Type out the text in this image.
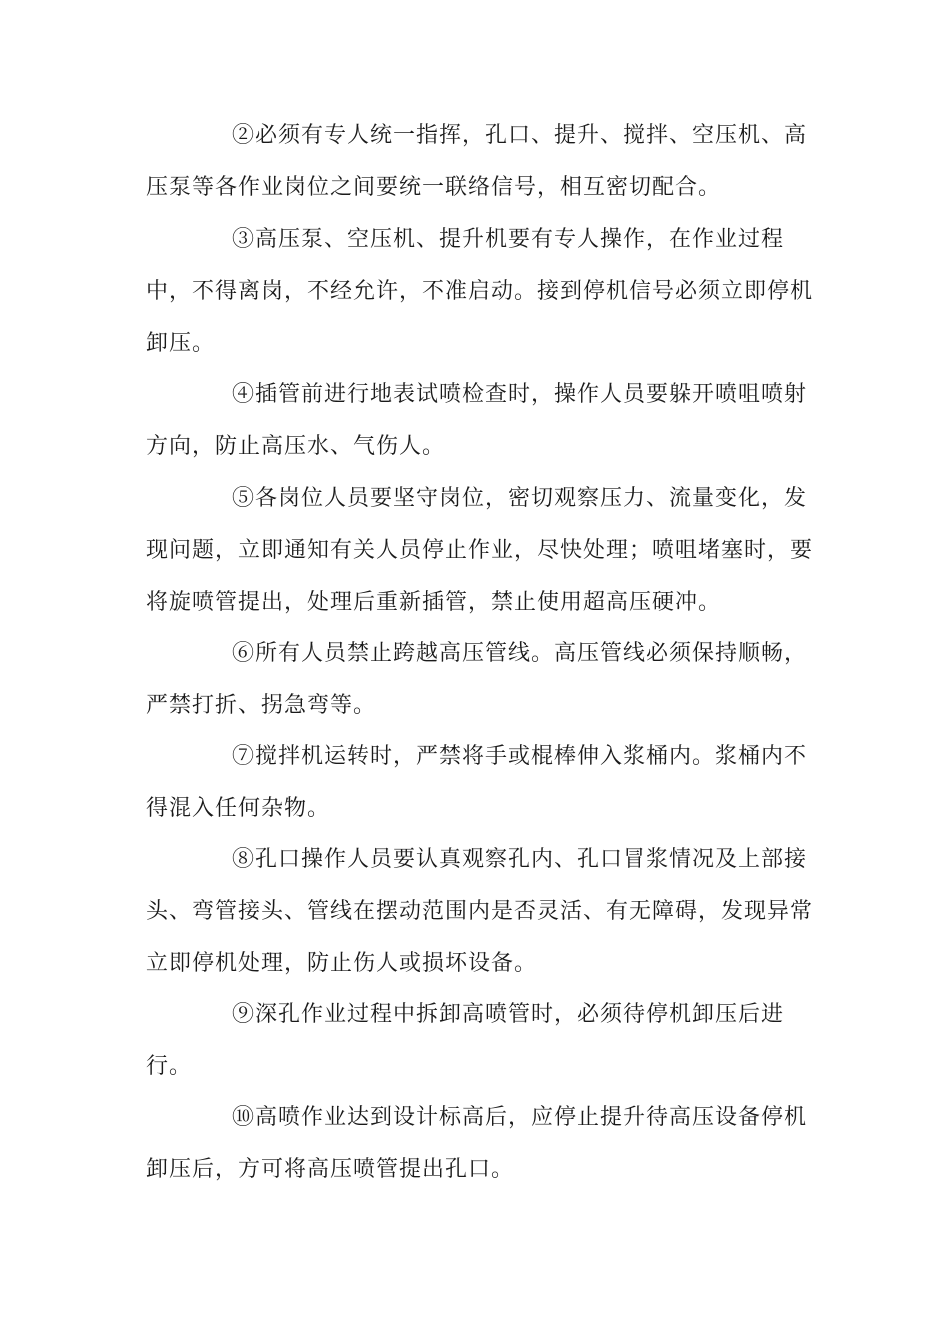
②必须有专人统一指挥，孔口、提升、搅拌、空压机、高
压泵等各作业岗位之间要统一联络信号，相互密切配合。

③高压泵、空压机、提升机要有专人操作，在作业过程
中，不得离岗，不经允许，不准启动。接到停机信号必须立即停机
卸压。

④插管前进行地表试喷检查时，操作人员要躲开喷咀喷射
方向，防止高压水、气伤人。

⑤各岗位人员要坚守岗位，密切观察压力、流量变化，发
现问题，立即通知有关人员停止作业，尽快处理；喷咀堵塞时，要
将旋喷管提出，处理后重新插管，禁止使用超高压硬冲。

⑥所有人员禁止跨越高压管线。高压管线必须保持顺畅，
严禁打折、拐急弯等。

⑦搅拌机运转时，严禁将手或棍棒伸入浆桶内。浆桶内不
得混入任何杂物。

⑧孔口操作人员要认真观察孔内、孔口冒浆情况及上部接
头、弯管接头、管线在摆动范围内是否灵活、有无障碍，发现异常
立即停机处理，防止伤人或损坏设备。

⑨深孔作业过程中拆卸高喷管时，必须待停机卸压后进
行。

⑩高喷作业达到设计标高后，应停止提升待高压设备停机
卸压后，方可将高压喷管提出孔口。
